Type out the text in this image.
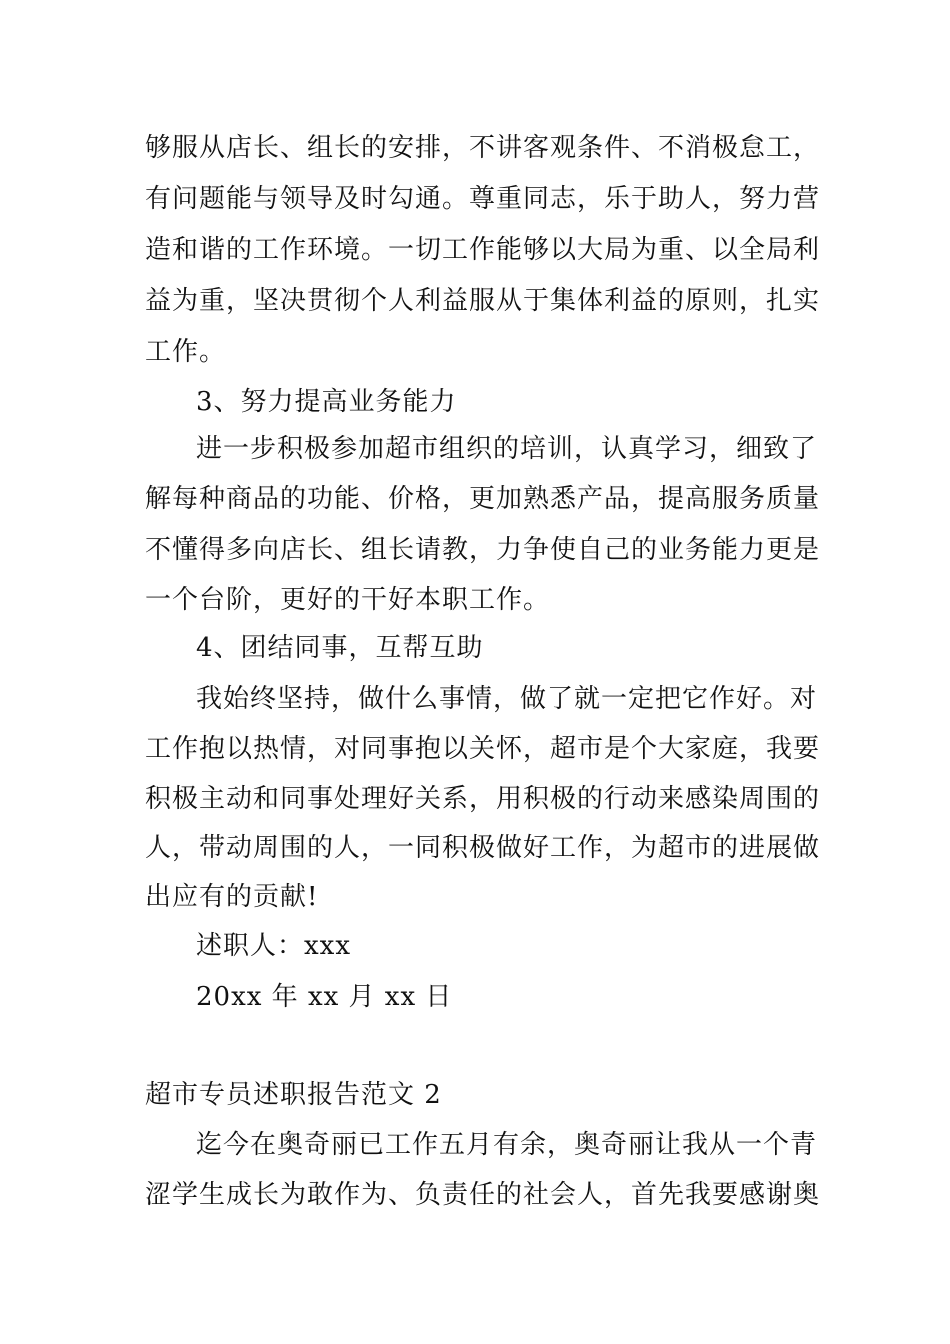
够服从店长、组长的安排，不讲客观条件、不消极怠工，
有问题能与领导及时勾通。尊重同志，乐于助人，努力营
造和谐的工作环境。一切工作能够以大局为重、以全局利
益为重，坚决贯彻个人利益服从于集体利益的原则，扎实
工作。
3、努力提高业务能力
进一步积极参加超市组织的培训，认真学习，细致了
解每种商品的功能、价格，更加熟悉产品，提高服务质量
不懂得多向店长、组长请教，力争使自己的业务能力更是
一个台阶，更好的干好本职工作。
4、团结同事，互帮互助
我始终坚持，做什么事情，做了就一定把它作好。对
工作抱以热情，对同事抱以关怀，超市是个大家庭，我要
积极主动和同事处理好关系，用积极的行动来感染周围的
人，带动周围的人，一同积极做好工作，为超市的进展做
出应有的贡献!
述职人：xxx
20xx 年 xx 月 xx 日
超市专员述职报告范文 2
迄今在奥奇丽已工作五月有余，奥奇丽让我从一个青
涩学生成长为敢作为、负责任的社会人，首先我要感谢奥
